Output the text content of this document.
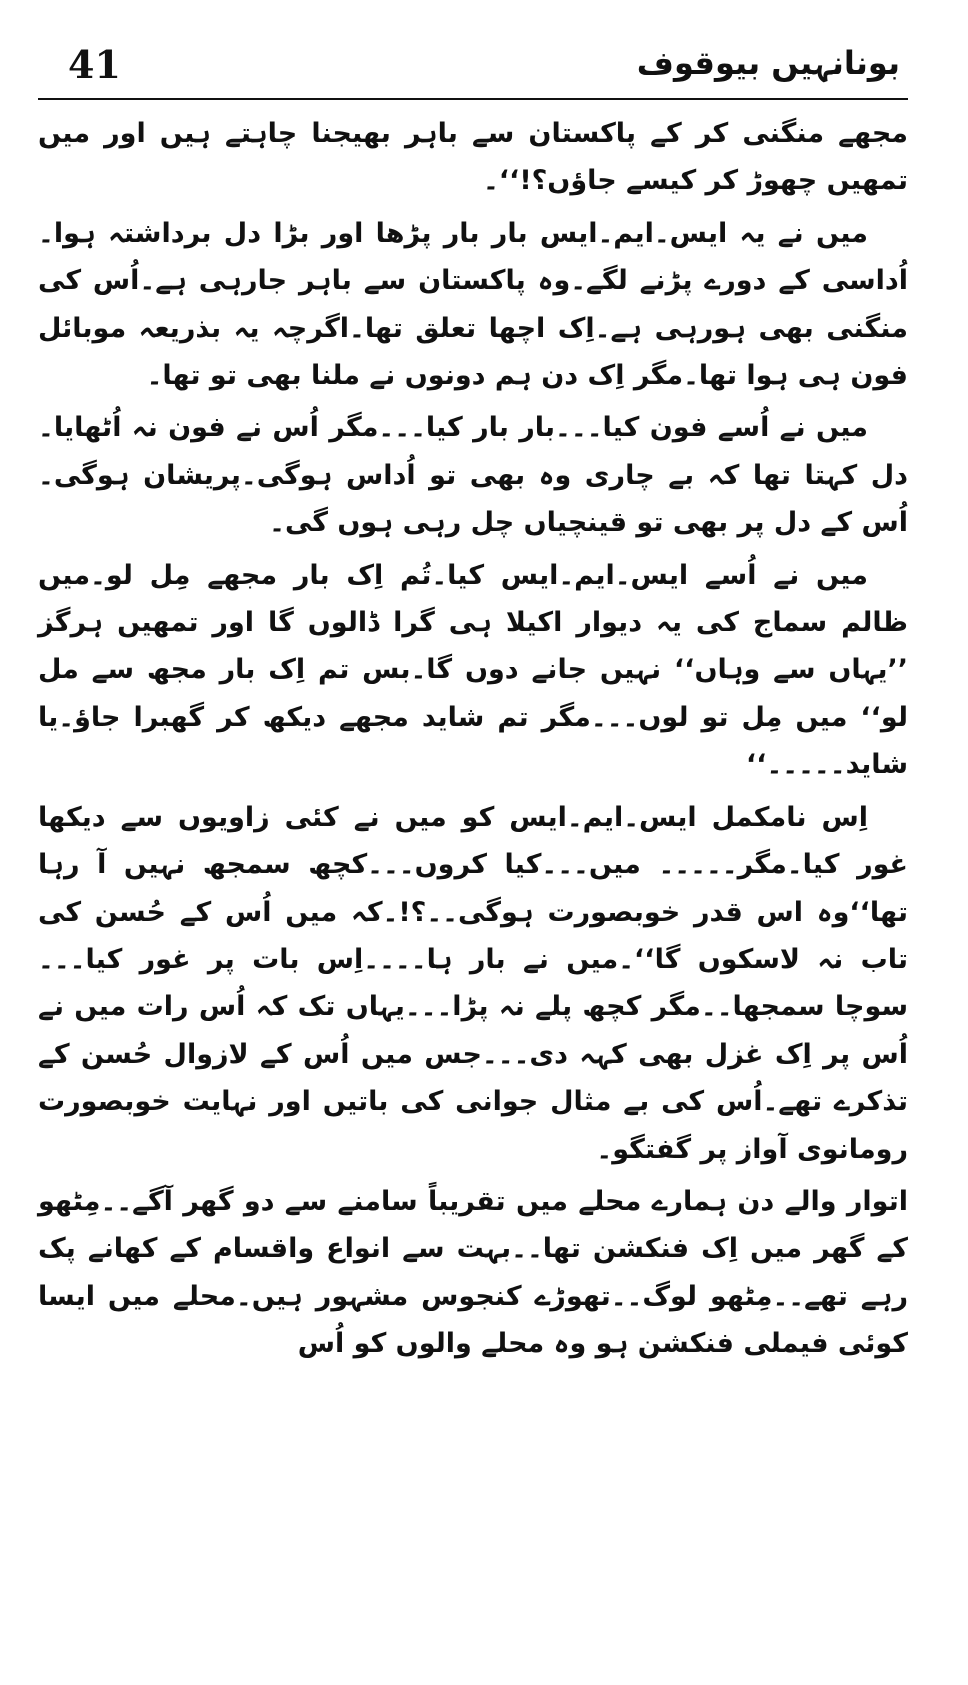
41	بونانہیں بیوقوف

مجھے منگنی کر کے پاکستان سے باہر بھیجنا چاہتے ہیں اور میں تمھیں چھوڑ کر کیسے جاؤں؟!‘‘۔

میں نے یہ ایس۔ایم۔ایس بار بار پڑھا اور بڑا دل برداشتہ ہوا۔اُداسی کے دورے پڑنے لگے۔وہ پاکستان سے باہر جارہی ہے۔اُس کی منگنی بھی ہورہی ہے۔اِک اچھا تعلق تھا۔اگرچہ یہ بذریعہ موبائل فون ہی ہوا تھا۔مگر اِک دن ہم دونوں نے ملنا بھی تو تھا۔

میں نے اُسے فون کیا۔۔۔بار بار کیا۔۔۔مگر اُس نے فون نہ اُٹھایا۔دل کہتا تھا کہ بے چاری وہ بھی تو اُداس ہوگی۔پریشان ہوگی۔اُس کے دل پر بھی تو قینچیاں چل رہی ہوں گی۔

میں نے اُسے ایس۔ایم۔ایس کیا۔تُم اِک بار مجھے مِل لو۔میں ظالم سماج کی یہ دیوار اکیلا ہی گرا ڈالوں گا اور تمھیں ہرگز ’’یہاں سے وہاں‘‘ نہیں جانے دوں گا۔بس تم اِک بار مجھ سے مل لو‘‘ میں مِل تو لوں۔۔۔مگر تم شاید مجھے دیکھ کر گھبرا جاؤ۔یا شاید۔۔۔۔۔‘‘

اِس نامکمل ایس۔ایم۔ایس کو میں نے کئی زاویوں سے دیکھا غور کیا۔مگر۔۔۔۔۔ میں۔۔۔کیا کروں۔۔۔کچھ سمجھ نہیں آ رہا تھا‘‘وہ اس قدر خوبصورت ہوگی۔۔؟!۔کہ میں اُس کے حُسن کی تاب نہ لاسکوں گا‘‘۔میں نے بار ہا۔۔۔۔اِس بات پر غور کیا۔۔۔ سوچا سمجھا۔۔مگر کچھ پلے نہ پڑا۔۔۔یہاں تک کہ اُس رات میں نے اُس پر اِک غزل بھی کہہ دی۔۔۔جس میں اُس کے لازوال حُسن کے تذکرے تھے۔اُس کی بے مثال جوانی کی باتیں اور نہایت خوبصورت رومانوی آواز پر گفتگو۔

اتوار والے دن ہمارے محلے میں تقریباً سامنے سے دو گھر آگے۔۔مِٹھو کے گھر میں اِک فنکشن تھا۔۔بہت سے انواع واقسام کے کھانے پک رہے تھے۔۔مِٹھو لوگ۔۔تھوڑے کنجوس مشہور ہیں۔محلے میں ایسا کوئی فیملی فنکشن ہو وہ محلے والوں کو اُس
